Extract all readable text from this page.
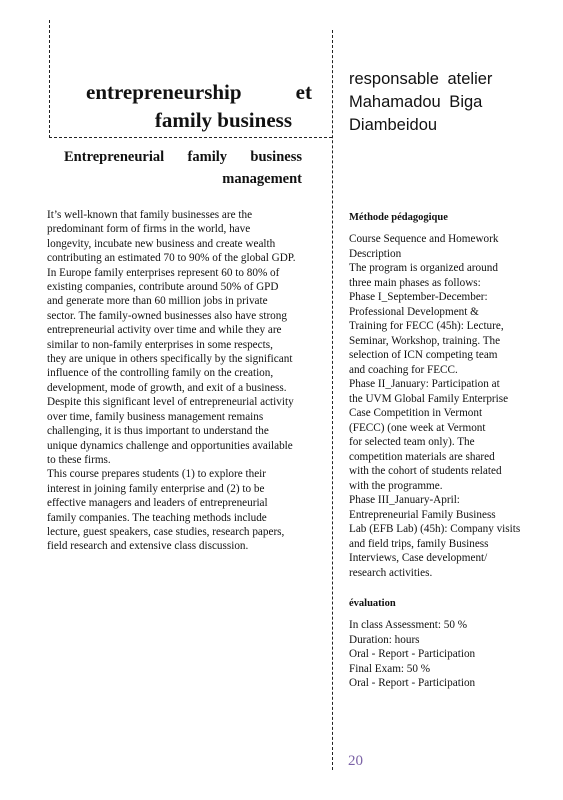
entrepreneurship et
family business
Entrepreneurial family business management
responsable atelier
Mahamadou Biga
Diambeidou
It’s well-known that family businesses are the
predominant form of firms in the world, have
longevity, incubate new business and create wealth
contributing an estimated 70 to 90% of the global GDP.
In Europe family enterprises represent 60 to 80% of
existing companies, contribute around 50% of GPD
and generate more than 60 million jobs in private
sector. The family-owned businesses also have strong
entrepreneurial activity over time and while they are
similar to non-family enterprises in some respects,
they are unique in others specifically by the significant
influence of the controlling family on the creation,
development, mode of growth, and exit of a business.
Despite this significant level of entrepreneurial activity
over time, family business management remains
challenging, it is thus important to understand the
unique dynamics challenge and opportunities available
to these firms.
This course prepares students (1) to explore their
interest in joining family enterprise and (2) to be
effective managers and leaders of entrepreneurial
family companies. The teaching methods include
lecture, guest speakers, case studies, research papers,
field research and extensive class discussion.
Méthode pédagogique
Course Sequence and Homework
Description
The program is organized around
three main phases as follows:
Phase I_September-December:
Professional Development &
Training for FECC (45h): Lecture,
Seminar, Workshop, training. The
selection of ICN competing team
and coaching for FECC.
Phase II_January: Participation at
the UVM Global Family Enterprise
Case Competition in Vermont
(FECC) (one week at Vermont
for selected team only). The
competition materials are shared
with the cohort of students related
with the programme.
Phase III_January-April:
Entrepreneurial Family Business
Lab (EFB Lab) (45h): Company visits
and field trips, family Business
Interviews, Case development/
research activities.
évaluation
In class Assessment: 50 %
Duration: hours
Oral - Report - Participation
Final Exam: 50 %
Oral - Report - Participation
20
